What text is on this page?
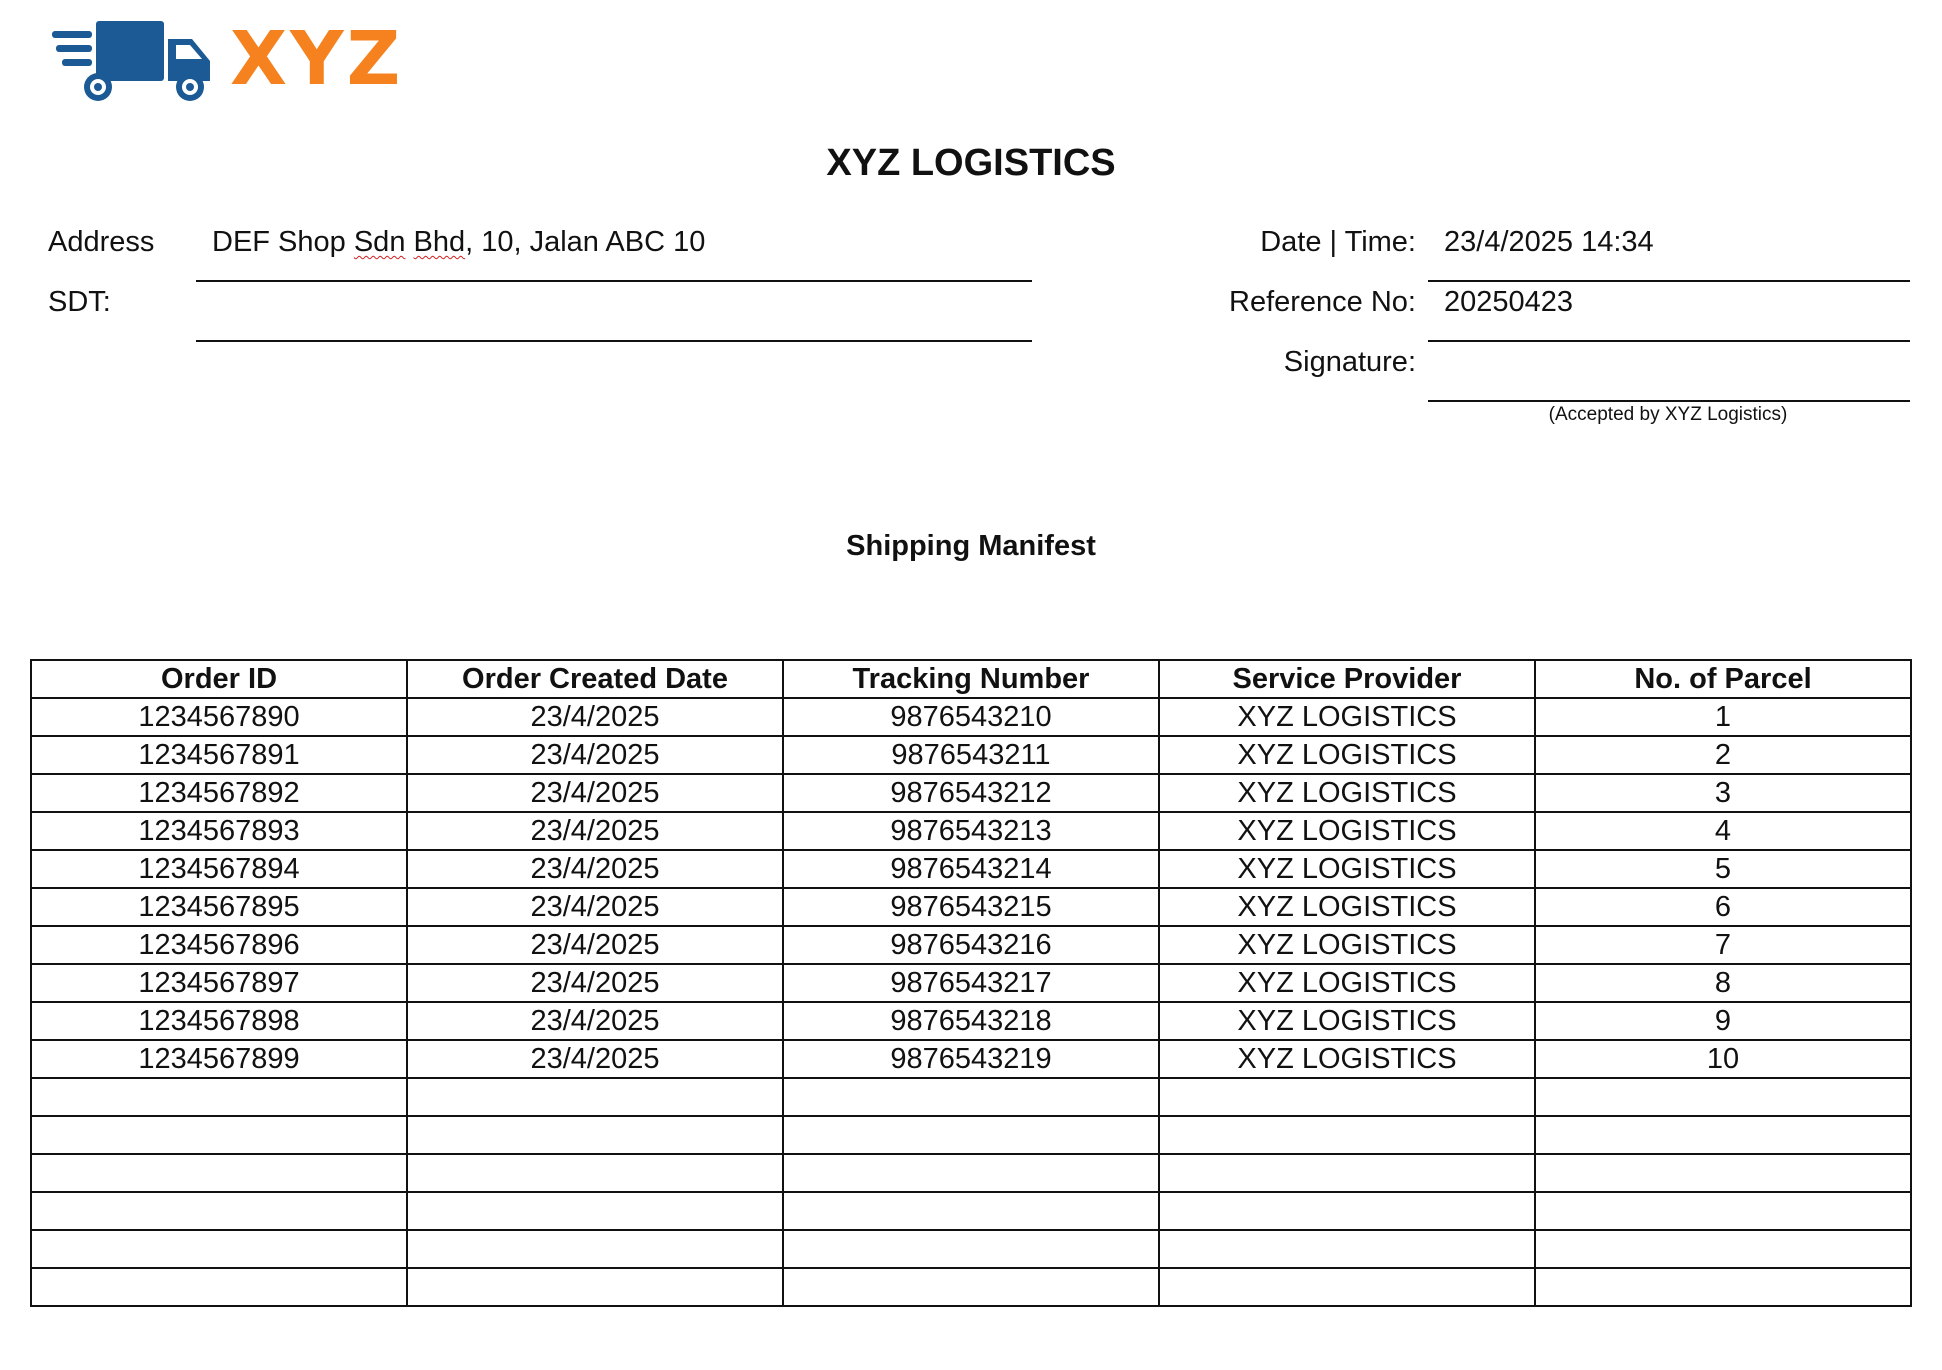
XYZ
XYZ LOGISTICS
Address DEF Shop Sdn Bhd, 10, Jalan ABC 10
SDT:
Date | Time: 23/4/2025 14:34
Reference No: 20250423
Signature:
(Accepted by XYZ Logistics)
Shipping Manifest
Order ID	Order Created Date	Tracking Number	Service Provider	No. of Parcel
1234567890	23/4/2025	9876543210	XYZ LOGISTICS	1
1234567891	23/4/2025	9876543211	XYZ LOGISTICS	2
1234567892	23/4/2025	9876543212	XYZ LOGISTICS	3
1234567893	23/4/2025	9876543213	XYZ LOGISTICS	4
1234567894	23/4/2025	9876543214	XYZ LOGISTICS	5
1234567895	23/4/2025	9876543215	XYZ LOGISTICS	6
1234567896	23/4/2025	9876543216	XYZ LOGISTICS	7
1234567897	23/4/2025	9876543217	XYZ LOGISTICS	8
1234567898	23/4/2025	9876543218	XYZ LOGISTICS	9
1234567899	23/4/2025	9876543219	XYZ LOGISTICS	10
